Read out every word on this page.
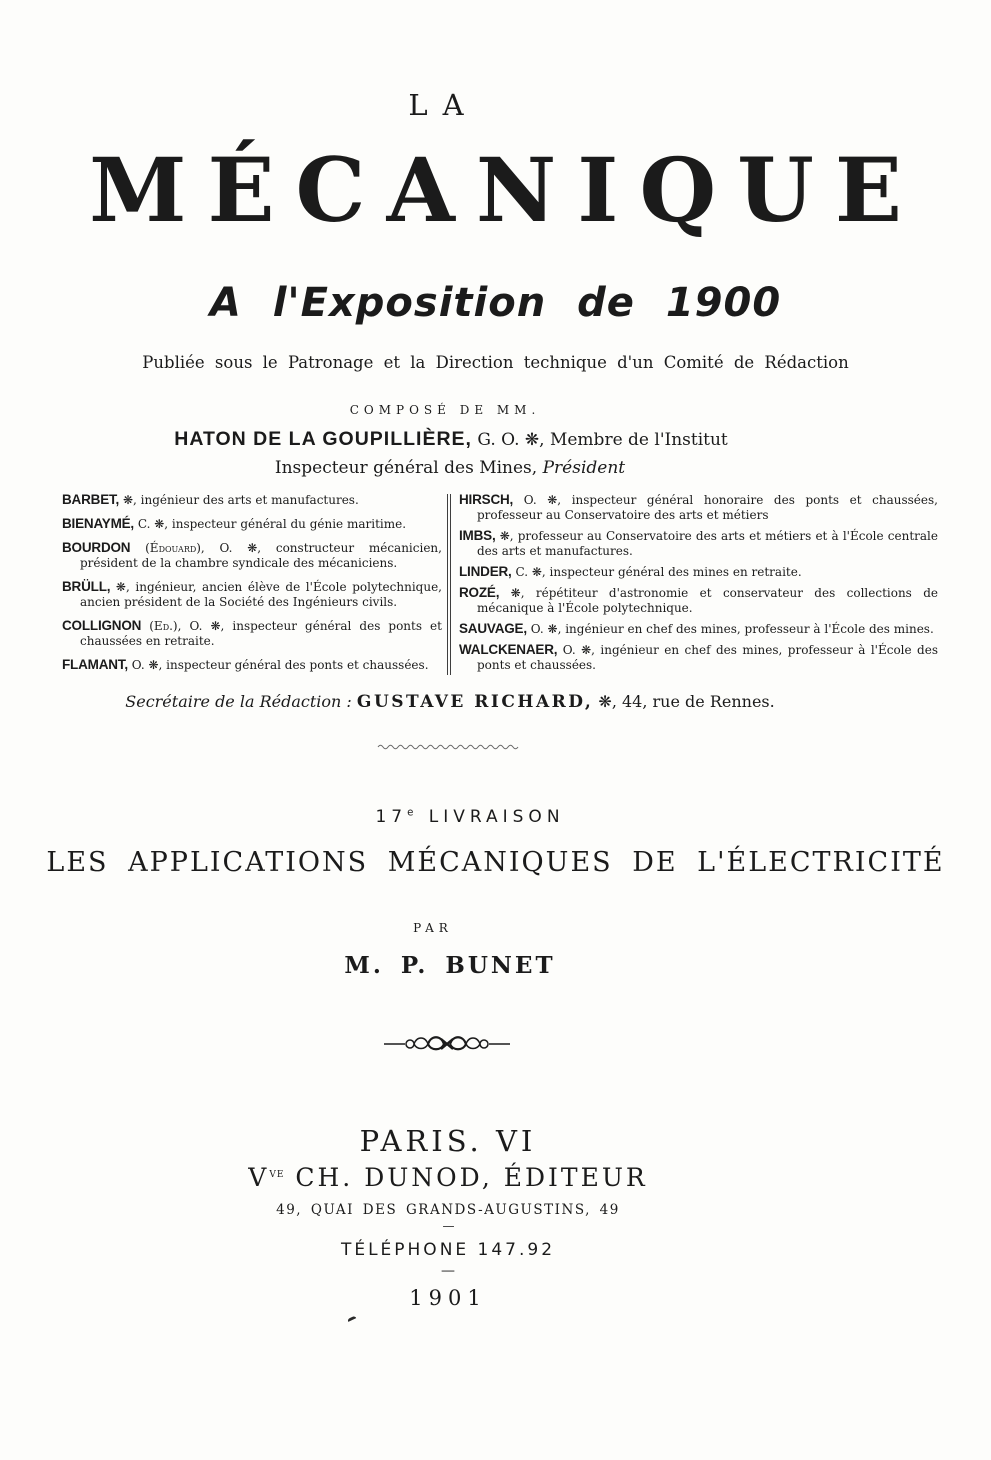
LA
MÉCANIQUE
A l'Exposition de 1900
Publiée sous le Patronage et la Direction technique d'un Comité de Rédaction
COMPOSÉ DE MM.
HATON DE LA GOUPILLIÈRE, G. O. ❋, Membre de l'Institut
Inspecteur général des Mines, Président

BARBET, ❋, ingénieur des arts et manufactures.

BIENAYMÉ, C. ❋, inspecteur général du génie maritime.

BOURDON (Édouard), O. ❋, constructeur mécanicien, président de la chambre syndicale des mécaniciens.

BRÜLL, ❋, ingénieur, ancien élève de l'École polytechnique, ancien président de la Société des Ingénieurs civils.

COLLIGNON (Ed.), O. ❋, inspecteur général des ponts et chaussées en retraite.

FLAMANT, O. ❋, inspecteur général des ponts et chaussées.

HIRSCH, O. ❋, inspecteur général honoraire des ponts et chaussées, professeur au Conservatoire des arts et métiers

IMBS, ❋, professeur au Conservatoire des arts et métiers et à l'École centrale des arts et manufactures.

LINDER, C. ❋, inspecteur général des mines en retraite.

ROZÉ, ❋, répétiteur d'astronomie et conservateur des collections de mécanique à l'École polytechnique.

SAUVAGE, O. ❋, ingénieur en chef des mines, professeur à l'École des mines.

WALCKENAER, O. ❋, ingénieur en chef des mines, professeur à l'École des ponts et chaussées.

Secrétaire de la Rédaction : GUSTAVE RICHARD, ❋, 44, rue de Rennes.
17e LIVRAISON
LES APPLICATIONS MÉCANIQUES DE L'ÉLECTRICITÉ
PAR
M. P. BUNET
PARIS. VI
$V^{ve}$ CH. DUNOD, ÉDITEUR
49, QUAI DES GRANDS-AUGUSTINS, 49
—
TÉLÉPHONE 147.92
—
1901
